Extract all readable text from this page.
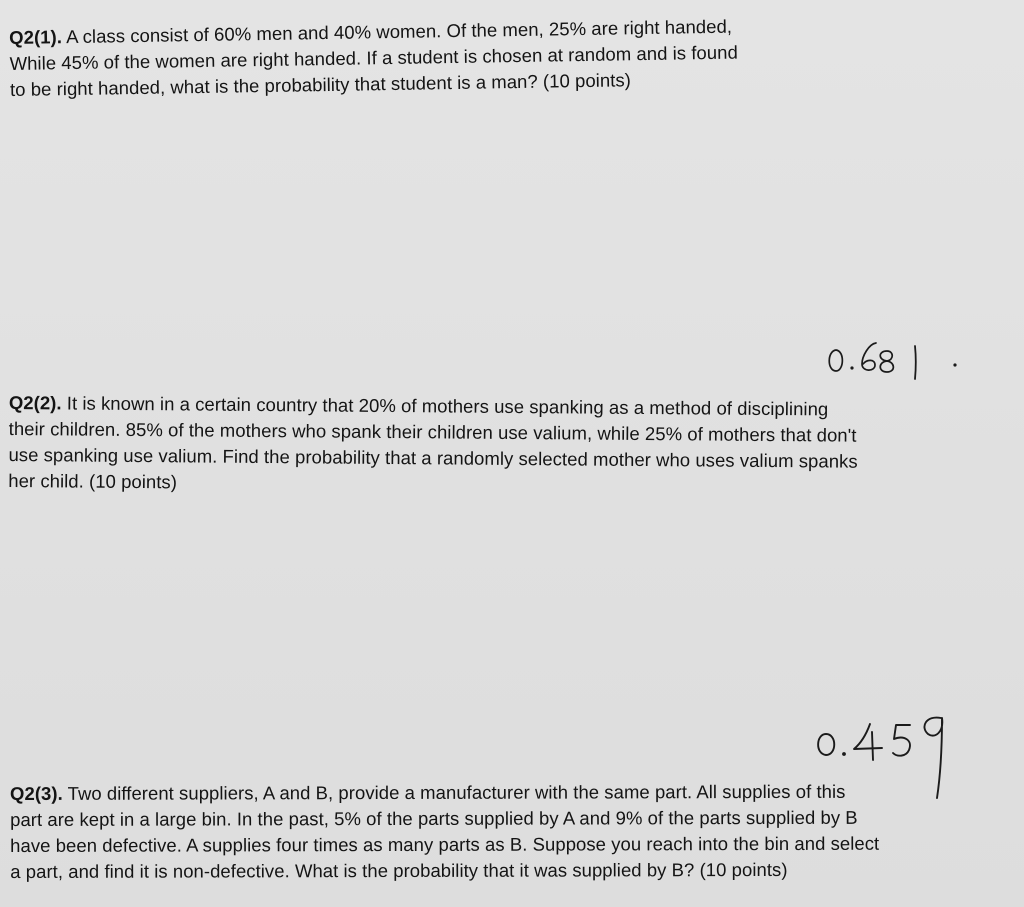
Q2(1). A class consist of 60% men and 40% women. Of the men, 25% are right handed,
While 45% of the women are right handed. If a student is chosen at random and is found
to be right handed, what is the probability that student is a man? (10 points)
Q2(2). It is known in a certain country that 20% of mothers use spanking as a method of disciplining
their children. 85% of the mothers who spank their children use valium, while 25% of mothers that don't
use spanking use valium. Find the probability that a randomly selected mother who uses valium spanks
her child. (10 points)
Q2(3). Two different suppliers, A and B, provide a manufacturer with the same part. All supplies of this
part are kept in a large bin. In the past, 5% of the parts supplied by A and 9% of the parts supplied by B
have been defective. A supplies four times as many parts as B. Suppose you reach into the bin and select
a part, and find it is non-defective. What is the probability that it was supplied by B? (10 points)
